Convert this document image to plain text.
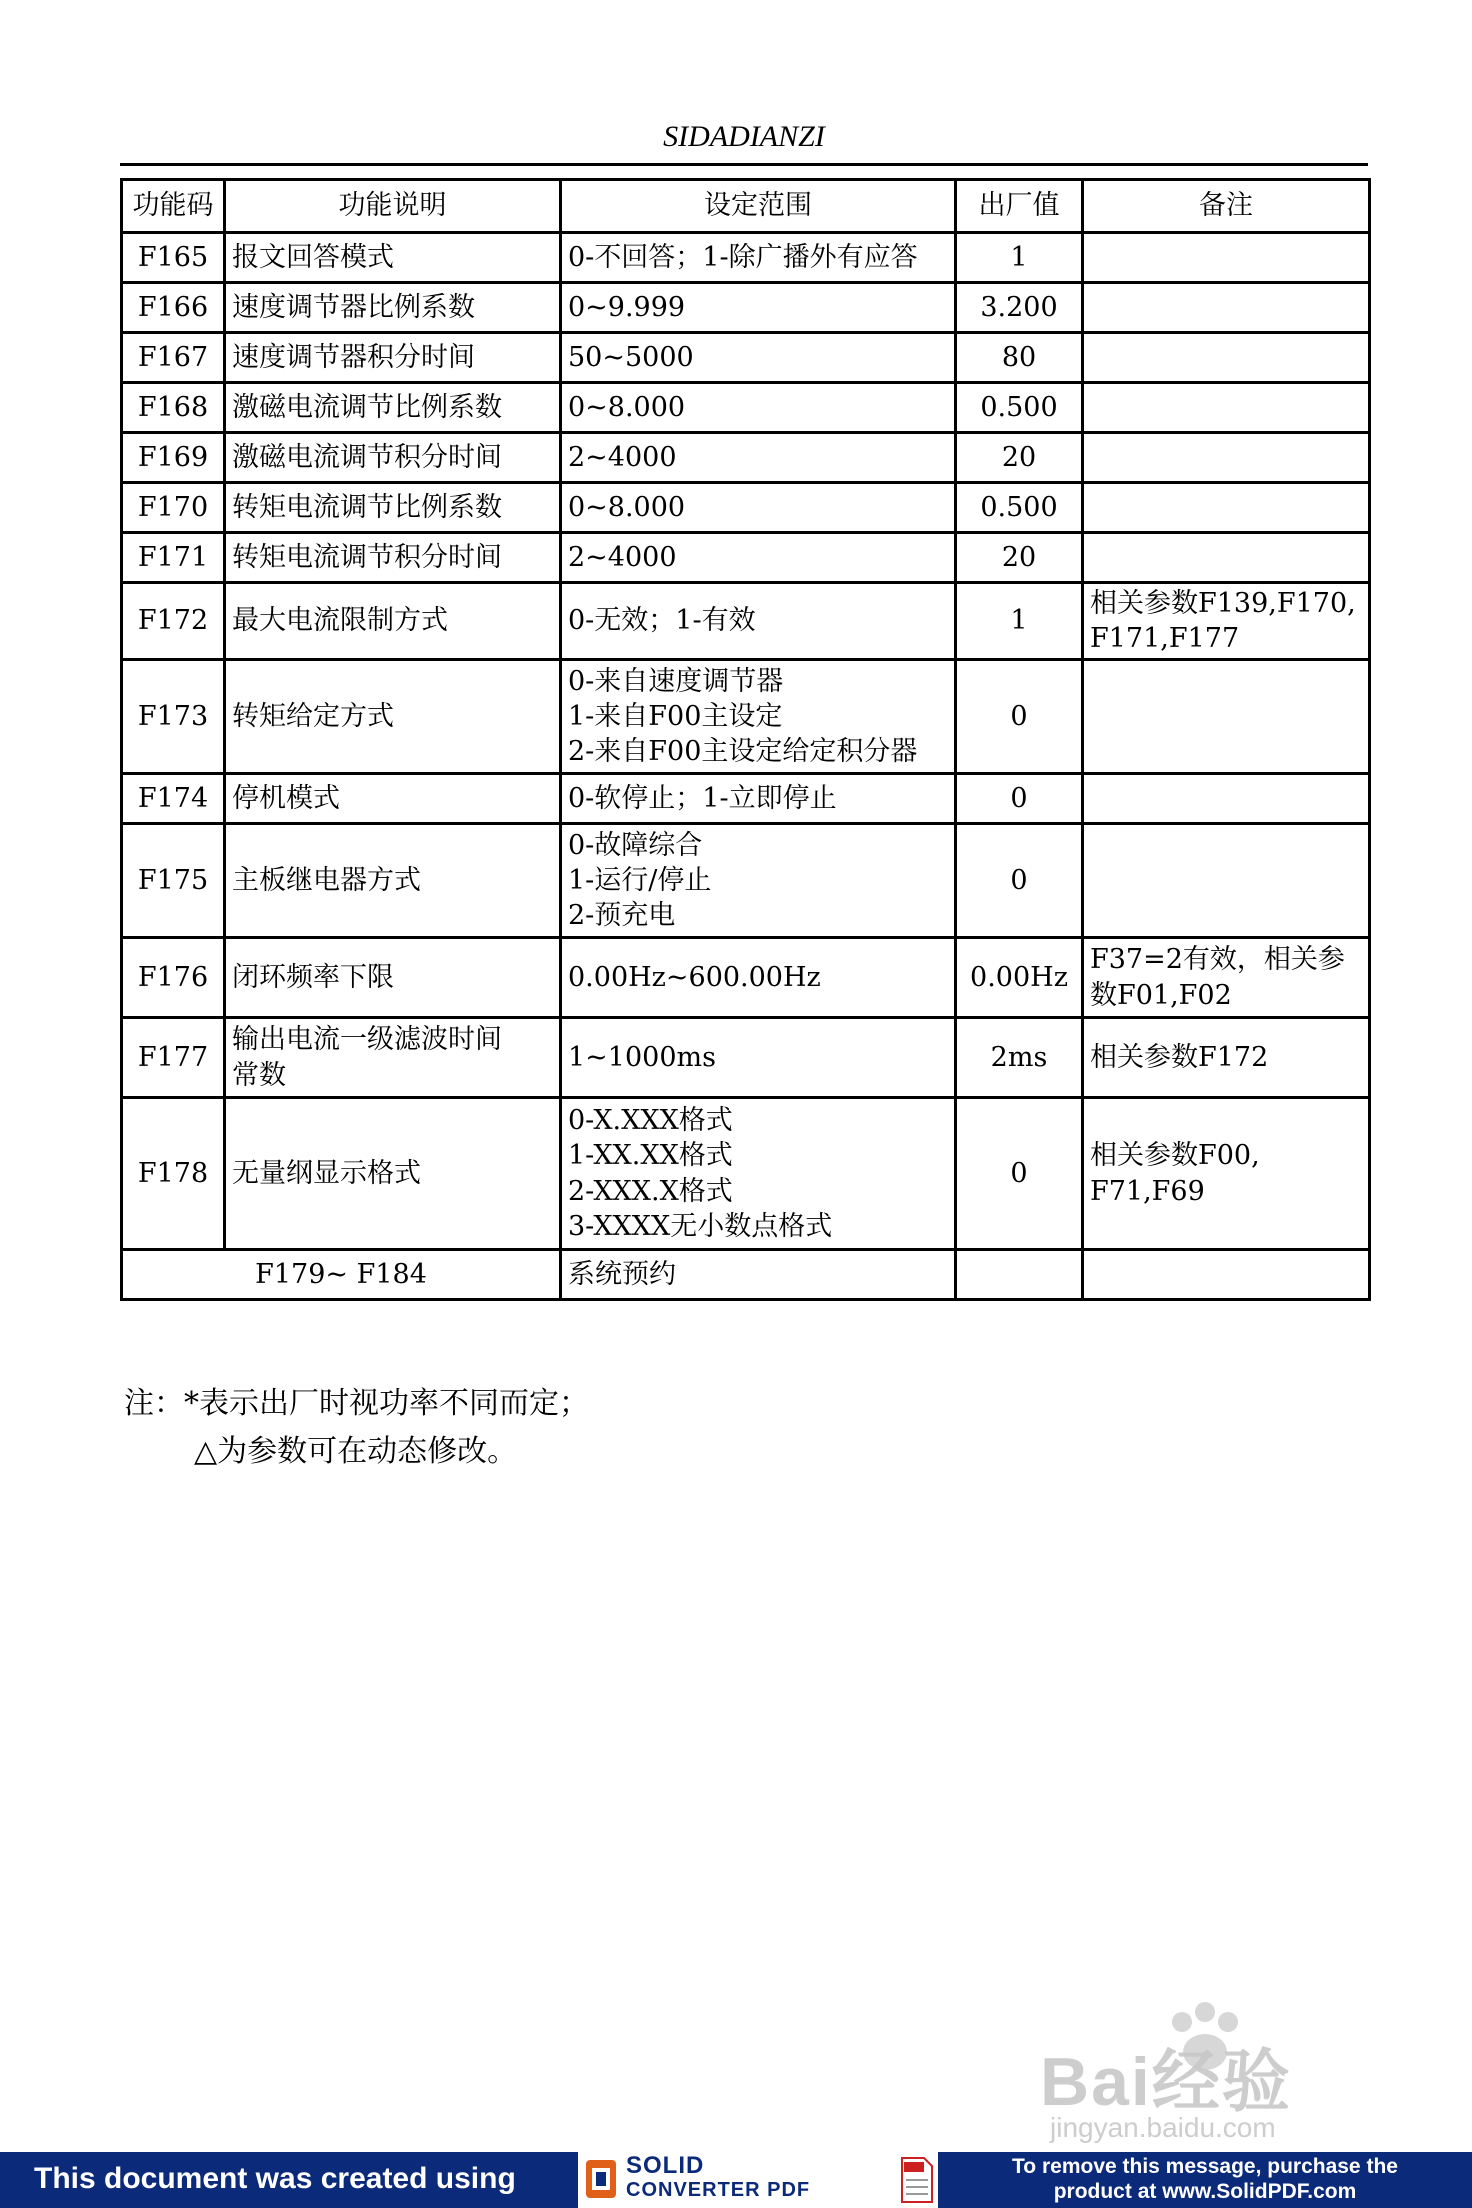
SIDADIANZI
功能码	功能说明	设定范围	出厂值	备注
F165	报文回答模式	0-不回答；1-除广播外有应答	1	
F166	速度调节器比例系数	0~9.999	3.200	
F167	速度调节器积分时间	50~5000	80	
F168	激磁电流调节比例系数	0~8.000	0.500	
F169	激磁电流调节积分时间	2~4000	20	
F170	转矩电流调节比例系数	0~8.000	0.500	
F171	转矩电流调节积分时间	2~4000	20	
F172	最大电流限制方式	0-无效；1-有效	1	相关参数F139,F170,
F171,F177

F173	转矩给定方式	0-来自速度调节器
1-来自F00主设定
2-来自F00主设定给定积分器	0	
F174	停机模式	0-软停止；1-立即停止	0	
F175	主板继电器方式	0-故障综合
1-运行/停止
2-预充电	0	
F176	闭环频率下限	0.00Hz~600.00Hz	0.00Hz	F37=2有效，相关参
数F01,F02

F177	输出电流一级滤波时间
常数	1~1000ms	2ms	相关参数F172

F178	无量纲显示格式	0-X.XXX格式
1-XX.XX格式
2-XXX.X格式
3-XXXX无小数点格式	0	相关参数F00,
F71,F69

F179~ F184		系统预约		
注：*表示出厂时视功率不同而定；
△为参数可在动态修改。
Bai经验
jingyan.baidu.com
This document was created using	SOLID
CONVERTER PDF
To remove this message, purchase the
product at www.SolidPDF.com
